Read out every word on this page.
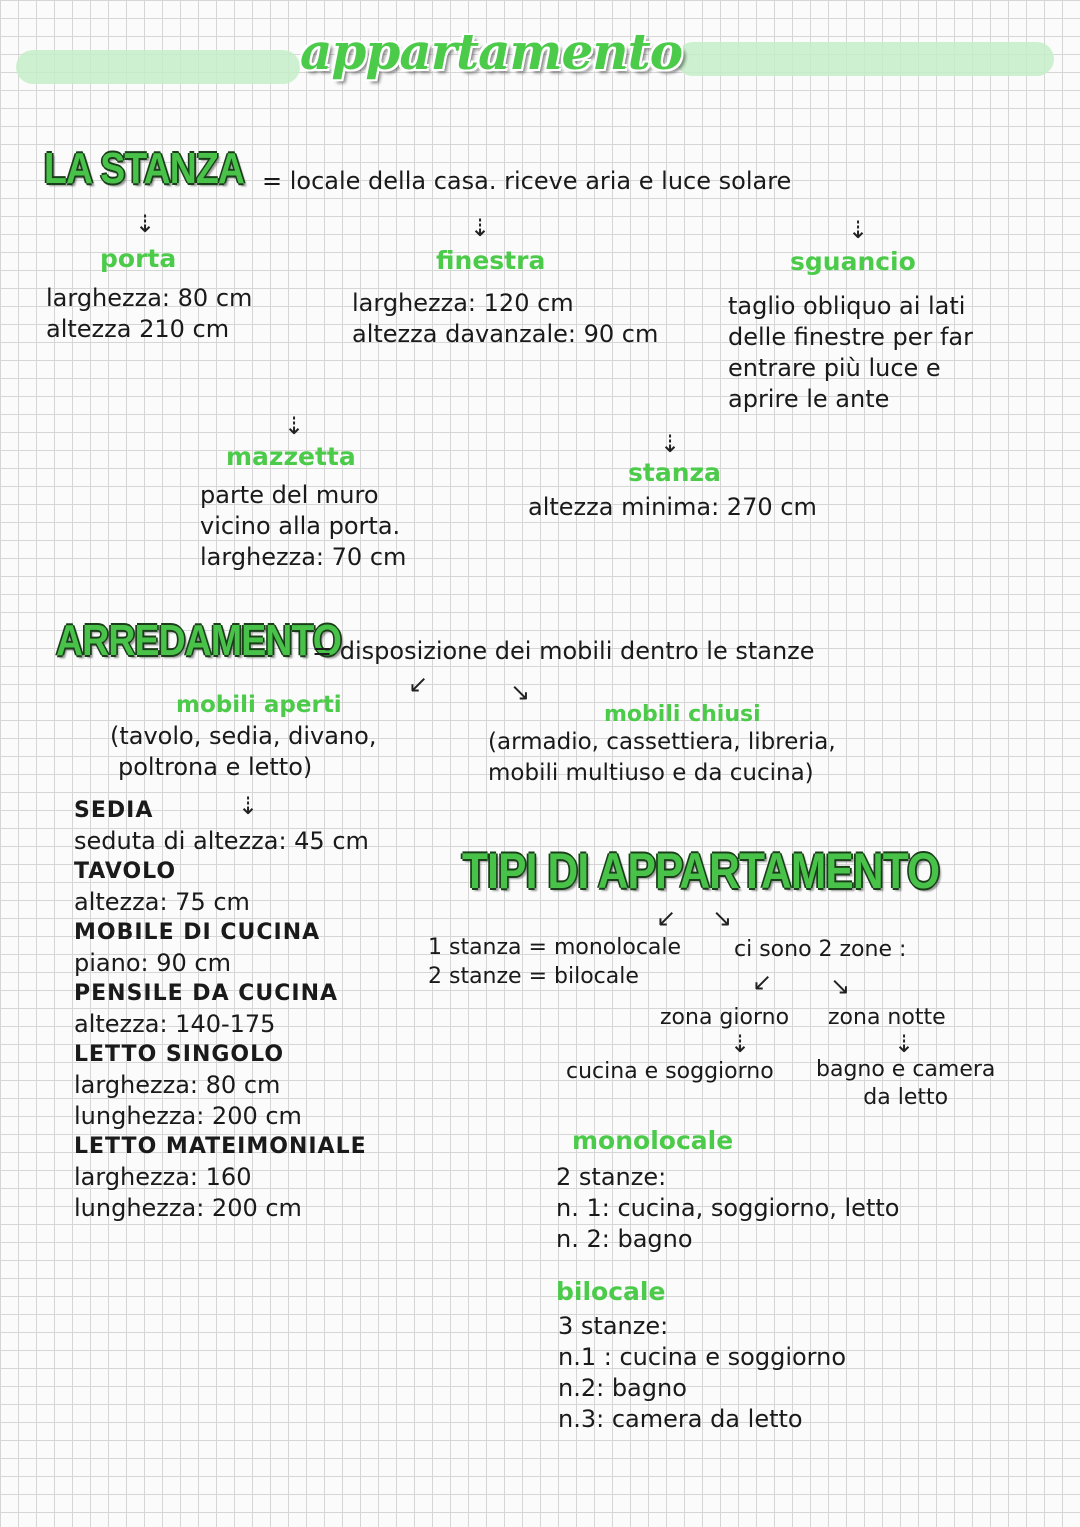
appartamento
LA STANZA = locale della casa. riceve aria e luce solare
⇣	⇣	⇣
porta
larghezza: 80 cm
altezza 210 cm
finestra
larghezza: 120 cm
altezza davanzale: 90 cm
sguancio
taglio obliquo ai lati
delle finestre per far
entrare più luce e
aprire le ante
⇣
mazzetta
parte del muro
vicino alla porta.
larghezza: 70 cm
⇣
stanza
altezza minima: 270 cm
ARREDAMENTO
= disposizione dei mobili dentro le stanze
↙	↘
mobili aperti
(tavolo, sedia, divano,
poltrona e letto)
mobili chiusi
(armadio, cassettiera, libreria,
mobili multiuso e da cucina)
⇣
SEDIA
seduta di altezza: 45 cm
TAVOLO
altezza: 75 cm
MOBILE DI CUCINA
piano: 90 cm
PENSILE DA CUCINA
altezza: 140-175
LETTO SINGOLO
larghezza: 80 cm
lunghezza: 200 cm
LETTO MATEIMONIALE
larghezza: 160
lunghezza: 200 cm
TIPI DI APPARTAMENTO
↙ ↘
1 stanza = monolocale
2 stanze = bilocale
ci sono 2 zone :
↙ ↘
zona giorno zona notte
⇣	⇣
cucina e soggiorno bagno e camera
da letto
monolocale
2 stanze:
n. 1: cucina, soggiorno, letto
n. 2: bagno
bilocale
3 stanze:
n.1 : cucina e soggiorno
n.2: bagno
n.3: camera da letto
